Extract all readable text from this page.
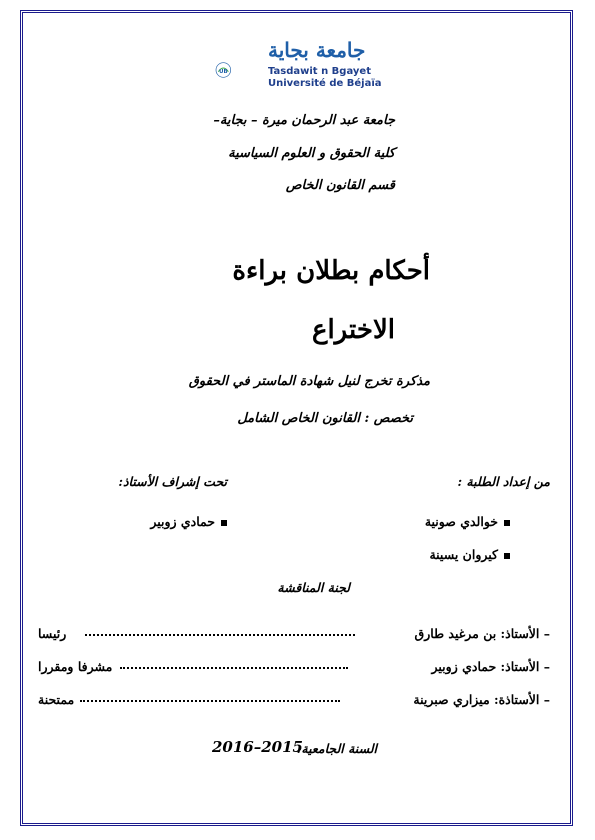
UB
جامعة بجاية
Tasdawit n Bgayet
Université de Béjaïa
جامعة عبد الرحمان ميرة – بجاية–
كلية الحقوق و العلوم السياسية
قسم القانون الخاص
أحكام بطلان براءة
الاختراع
مذكرة تخرج لنيل شهادة الماستر في الحقوق
تخصص : القانون الخاص الشامل
من إعداد الطلبة :
تحت إشراف الأستاذ:
خوالدي صونية
حمادي زوبير
كيروان يسينة
لجنة المناقشة
– الأستاذ: بن مرغيد طارق
رئيسا
– الأستاذ: حمادي زوبير
مشرفا ومقررا
– الأستاذة: ميزاري صبرينة
ممتحنة
السنة الجامعية:
2016–2015
